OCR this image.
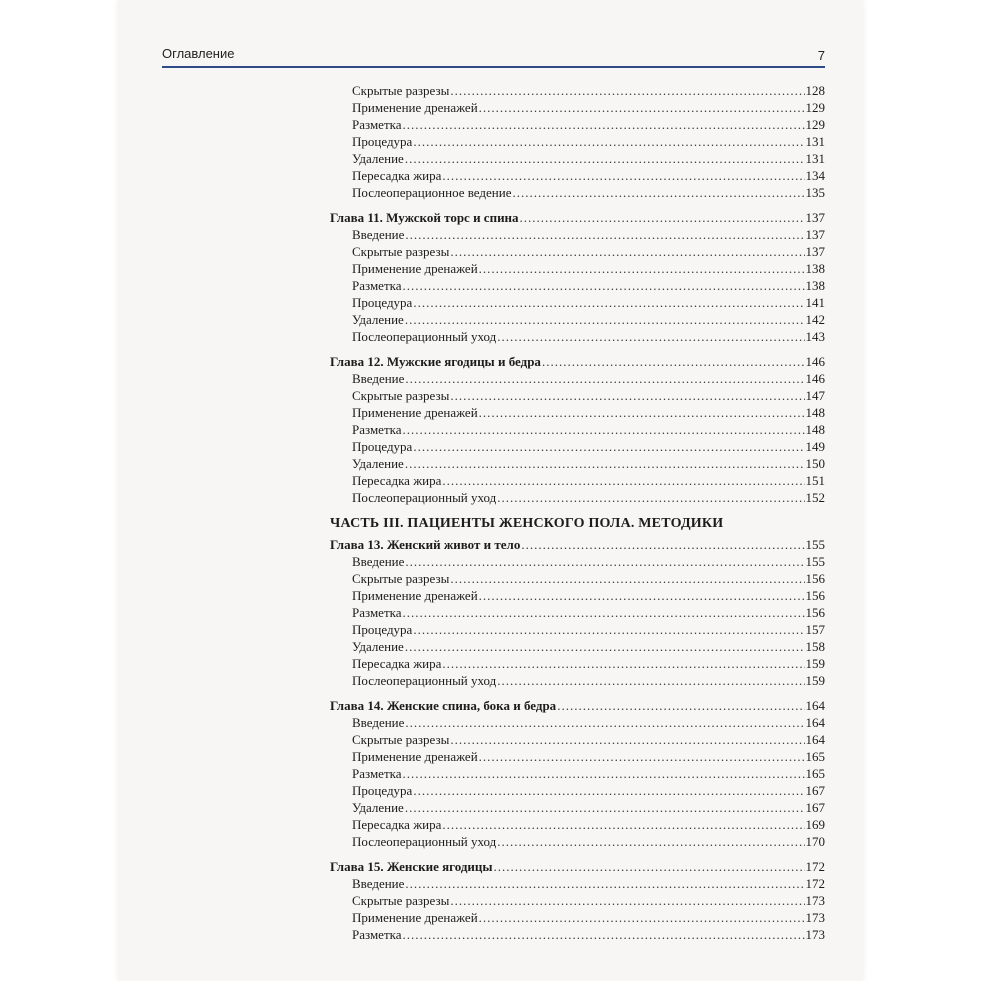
Оглавление	7
Скрытые разрезы .....	128
Применение дренажей .....	129
Разметка .....	129
Процедура .....	131
Удаление .....	131
Пересадка жира .....	134
Послеоперационное ведение .....	135
Глава 11. Мужской торс и спина .....	137
Введение .....	137
Скрытые разрезы .....	137
Применение дренажей .....	138
Разметка .....	138
Процедура .....	141
Удаление .....	142
Послеоперационный уход .....	143
Глава 12. Мужские ягодицы и бедра .....	146
Введение .....	146
Скрытые разрезы .....	147
Применение дренажей .....	148
Разметка .....	148
Процедура .....	149
Удаление .....	150
Пересадка жира .....	151
Послеоперационный уход .....	152
ЧАСТЬ III. ПАЦИЕНТЫ ЖЕНСКОГО ПОЛА. МЕТОДИКИ
Глава 13. Женский живот и тело .....	155
Введение .....	155
Скрытые разрезы .....	156
Применение дренажей .....	156
Разметка .....	156
Процедура .....	157
Удаление .....	158
Пересадка жира .....	159
Послеоперационный уход .....	159
Глава 14. Женские спина, бока и бедра .....	164
Введение .....	164
Скрытые разрезы .....	164
Применение дренажей .....	165
Разметка .....	165
Процедура .....	167
Удаление .....	167
Пересадка жира .....	169
Послеоперационный уход .....	170
Глава 15. Женские ягодицы .....	172
Введение .....	172
Скрытые разрезы .....	173
Применение дренажей .....	173
Разметка .....	173
